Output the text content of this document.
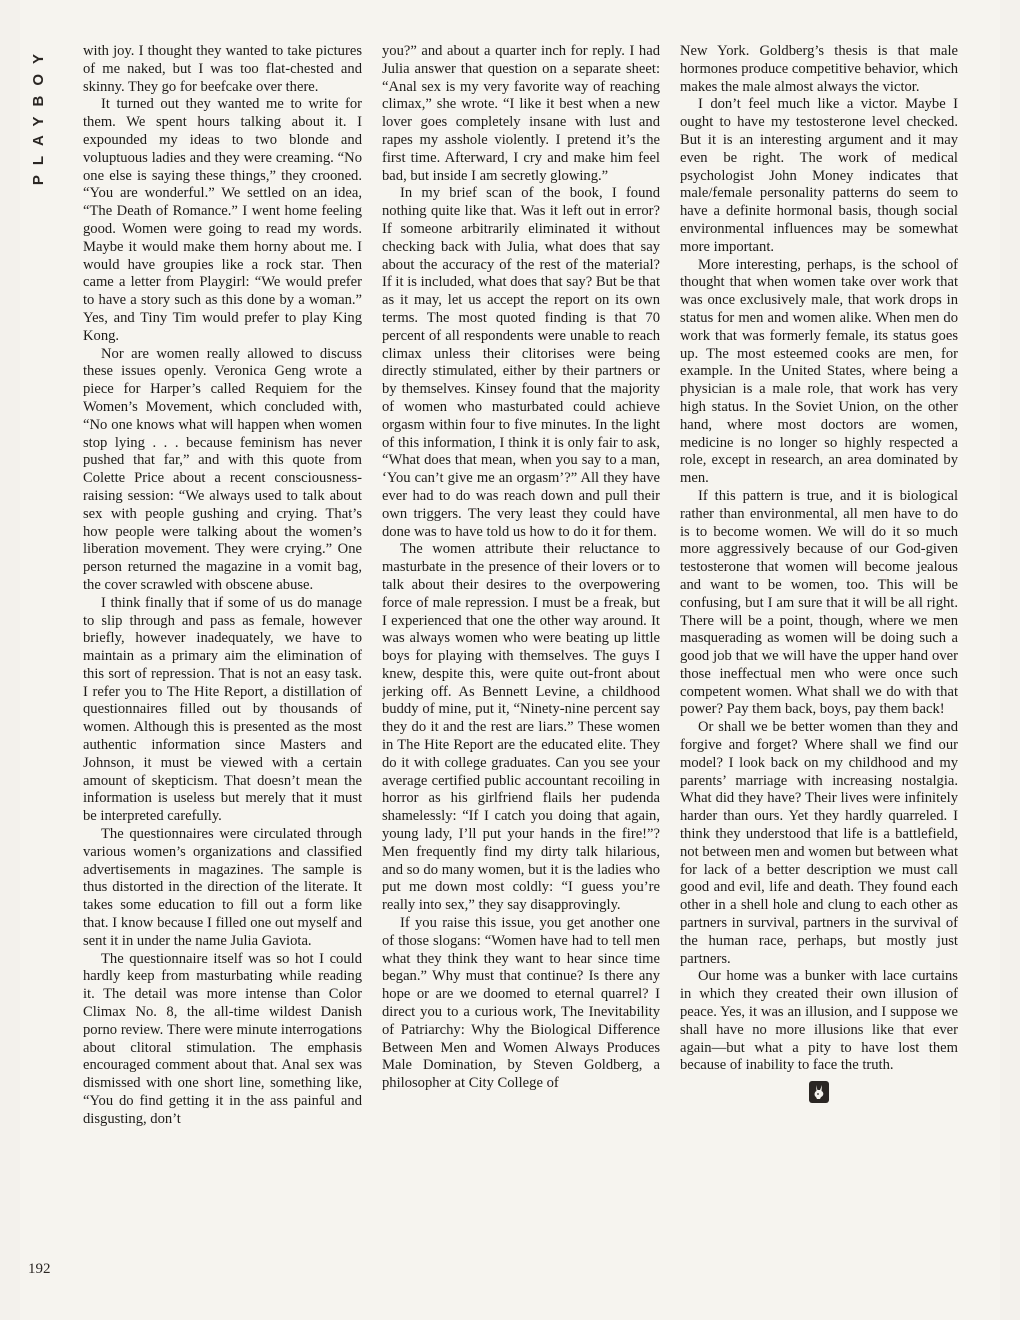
PLAYBOY	with joy. I thought they wanted to take pictures of me naked, but I was too flat-chested and skinny. They go for beefcake over there.

It turned out they wanted me to write for them. We spent hours talking about it. I expounded my ideas to two blonde and voluptuous ladies and they were creaming. “No one else is saying these things,” they crooned. “You are wonderful.” We settled on an idea, “The Death of Romance.” I went home feeling good. Women were going to read my words. Maybe it would make them horny about me. I would have groupies like a rock star. Then came a letter from Playgirl: “We would prefer to have a story such as this done by a woman.” Yes, and Tiny Tim would prefer to play King Kong.

Nor are women really allowed to discuss these issues openly. Veronica Geng wrote a piece for Harper’s called Requiem for the Women’s Movement, which concluded with, “No one knows what will happen when women stop lying . . . because feminism has never pushed that far,” and with this quote from Colette Price about a recent consciousness-raising session: “We always used to talk about sex with people gushing and crying. That’s how people were talking about the women’s liberation movement. They were crying.” One person returned the magazine in a vomit bag, the cover scrawled with obscene abuse.

I think finally that if some of us do manage to slip through and pass as female, however briefly, however inadequately, we have to maintain as a primary aim the elimination of this sort of repression. That is not an easy task. I refer you to The Hite Report, a distillation of questionnaires filled out by thousands of women. Although this is presented as the most authentic information since Masters and Johnson, it must be viewed with a certain amount of skepticism. That doesn’t mean the information is useless but merely that it must be interpreted carefully.

The questionnaires were circulated through various women’s organizations and classified advertisements in magazines. The sample is thus distorted in the direction of the literate. It takes some education to fill out a form like that. I know because I filled one out myself and sent it in under the name Julia Gaviota.

The questionnaire itself was so hot I could hardly keep from masturbating while reading it. The detail was more intense than Color Climax No. 8, the all-time wildest Danish porno review. There were minute interrogations about clitoral stimulation. The emphasis encouraged comment about that. Anal sex was dismissed with one short line, something like, “You do find getting it in the ass painful and disgusting, don’t

you?” and about a quarter inch for reply. I had Julia answer that question on a separate sheet: “Anal sex is my very favorite way of reaching climax,” she wrote. “I like it best when a new lover goes completely insane with lust and rapes my asshole violently. I pretend it’s the first time. Afterward, I cry and make him feel bad, but inside I am secretly glowing.”

In my brief scan of the book, I found nothing quite like that. Was it left out in error? If someone arbitrarily eliminated it without checking back with Julia, what does that say about the accuracy of the rest of the material? If it is included, what does that say? But be that as it may, let us accept the report on its own terms. The most quoted finding is that 70 percent of all respondents were unable to reach climax unless their clitorises were being directly stimulated, either by their partners or by themselves. Kinsey found that the majority of women who masturbated could achieve orgasm within four to five minutes. In the light of this information, I think it is only fair to ask, “What does that mean, when you say to a man, ‘You can’t give me an orgasm’?” All they have ever had to do was reach down and pull their own triggers. The very least they could have done was to have told us how to do it for them.

The women attribute their reluctance to masturbate in the presence of their lovers or to talk about their desires to the overpowering force of male repression. I must be a freak, but I experienced that one the other way around. It was always women who were beating up little boys for playing with themselves. The guys I knew, despite this, were quite out-front about jerking off. As Bennett Levine, a childhood buddy of mine, put it, “Ninety-nine percent say they do it and the rest are liars.” These women in The Hite Report are the educated elite. They do it with college graduates. Can you see your average certified public accountant recoiling in horror as his girlfriend flails her pudenda shamelessly: “If I catch you doing that again, young lady, I’ll put your hands in the fire!”? Men frequently find my dirty talk hilarious, and so do many women, but it is the ladies who put me down most coldly: “I guess you’re really into sex,” they say disapprovingly.

If you raise this issue, you get another one of those slogans: “Women have had to tell men what they think they want to hear since time began.” Why must that continue? Is there any hope or are we doomed to eternal quarrel? I direct you to a curious work, The Inevitability of Patriarchy: Why the Biological Difference Between Men and Women Always Produces Male Domination, by Steven Goldberg, a philosopher at City College of

New York. Goldberg’s thesis is that male hormones produce competitive behavior, which makes the male almost always the victor.

I don’t feel much like a victor. Maybe I ought to have my testosterone level checked. But it is an interesting argument and it may even be right. The work of medical psychologist John Money indicates that male/female personality patterns do seem to have a definite hormonal basis, though social environmental influences may be somewhat more important.

More interesting, perhaps, is the school of thought that when women take over work that was once exclusively male, that work drops in status for men and women alike. When men do work that was formerly female, its status goes up. The most esteemed cooks are men, for example. In the United States, where being a physician is a male role, that work has very high status. In the Soviet Union, on the other hand, where most doctors are women, medicine is no longer so highly respected a role, except in research, an area dominated by men.

If this pattern is true, and it is biological rather than environmental, all men have to do is to become women. We will do it so much more aggressively because of our God-given testosterone that women will become jealous and want to be women, too. This will be confusing, but I am sure that it will be all right. There will be a point, though, where we men masquerading as women will be doing such a good job that we will have the upper hand over those ineffectual men who were once such competent women. What shall we do with that power? Pay them back, boys, pay them back!

Or shall we be better women than they and forgive and forget? Where shall we find our model? I look back on my childhood and my parents’ marriage with increasing nostalgia. What did they have? Their lives were infinitely harder than ours. Yet they hardly quarreled. I think they understood that life is a battlefield, not between men and women but between what for lack of a better description we must call good and evil, life and death. They found each other in a shell hole and clung to each other as partners in survival, partners in the survival of the human race, perhaps, but mostly just partners.

Our home was a bunker with lace curtains in which they created their own illusion of peace. Yes, it was an illusion, and I suppose we shall have no more illusions like that ever again—but what a pity to have lost them because of inability to face the truth.

192
